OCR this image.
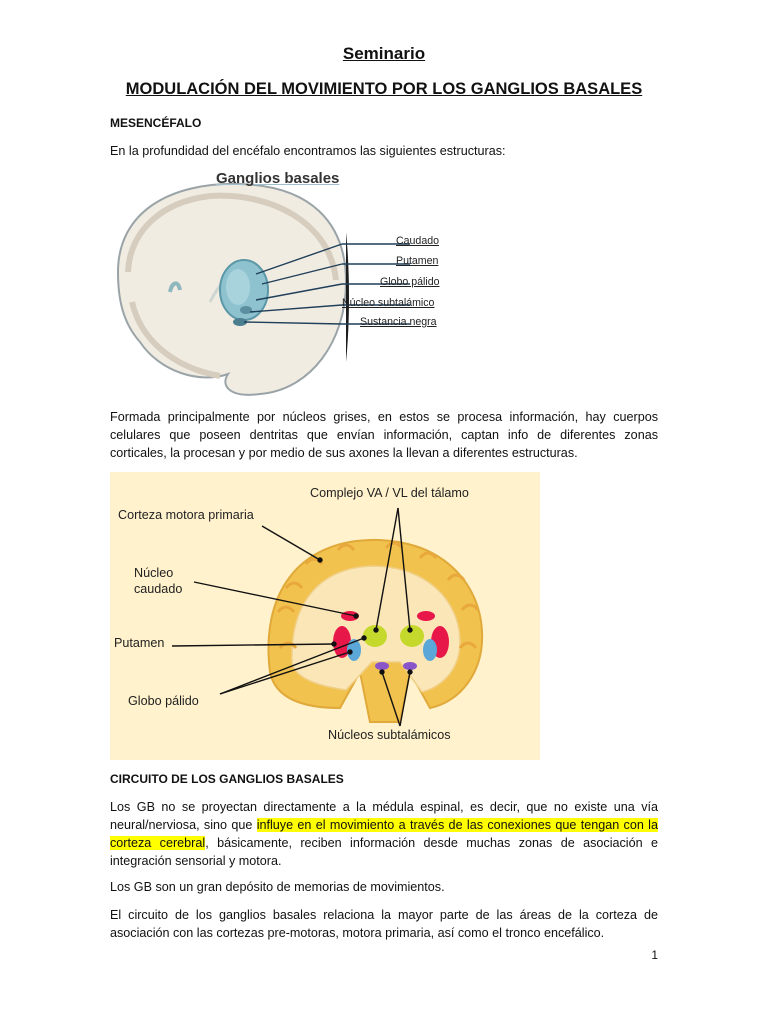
Seminario
MODULACIÓN DEL MOVIMIENTO POR LOS GANGLIOS BASALES
MESENCÉFALO
En la profundidad del encéfalo encontramos las siguientes estructuras:
Ganglios basales
Caudado
Putamen
Globo pálido
Núcleo subtalámico
Sustancia negra
Formada principalmente por núcleos grises, en estos se procesa información, hay cuerpos celulares que poseen dentritas que envían información, captan info de diferentes zonas corticales, la procesan y por medio de sus axones la llevan a diferentes estructuras.
Complejo VA / VL del tálamo
Corteza motora primaria
Núcleo
caudado
Putamen
Globo pálido
Núcleos subtalámicos
CIRCUITO DE LOS GANGLIOS BASALES
Los GB no se proyectan directamente a la médula espinal, es decir, que no existe una vía neural/nerviosa, sino que influye en el movimiento a través de las conexiones que tengan con la corteza cerebral, básicamente, reciben información desde muchas zonas de asociación e integración sensorial y motora.
Los GB son un gran depósito de memorias de movimientos.
El circuito de los ganglios basales relaciona la mayor parte de las áreas de la corteza de asociación con las cortezas pre-motoras, motora primaria, así como el tronco encefálico.
1
